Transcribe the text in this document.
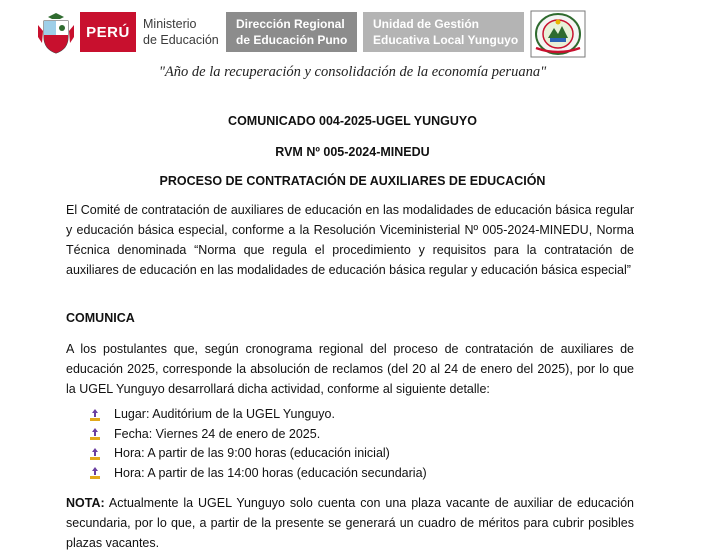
PERÚ	Ministerio
de Educación
Dirección Regional
de Educación Puno
Unidad de Gestión
Educativa Local Yunguyo
"Año de la recuperación y consolidación de la economía peruana"
COMUNICADO 004-2025-UGEL YUNGUYO
RVM Nº 005-2024-MINEDU
PROCESO DE CONTRATACIÓN DE AUXILIARES DE EDUCACIÓN
El Comité de contratación de auxiliares de educación en las modalidades de educación básica regular y educación básica especial, conforme a la Resolución Viceministerial Nº 005-2024-MINEDU, Norma Técnica denominada “Norma que regula el procedimiento y requisitos para la contratación de auxiliares de educación en las modalidades de educación básica regular y educación básica especial”
COMUNICA
A los postulantes que, según cronograma regional del proceso de contratación de auxiliares de educación 2025, corresponde la absolución de reclamos (del 20 al 24 de enero del 2025), por lo que la UGEL Yunguyo desarrollará dicha actividad, conforme al siguiente detalle:
Lugar: Auditórium de la UGEL Yunguyo.
Fecha: Viernes 24 de enero de 2025.
Hora: A partir de las 9:00 horas (educación inicial)
Hora: A partir de las 14:00 horas (educación secundaria)
NOTA: Actualmente la UGEL Yunguyo solo cuenta con una plaza vacante de auxiliar de educación secundaria, por lo que, a partir de la presente se generará un cuadro de méritos para cubrir posibles plazas vacantes.
